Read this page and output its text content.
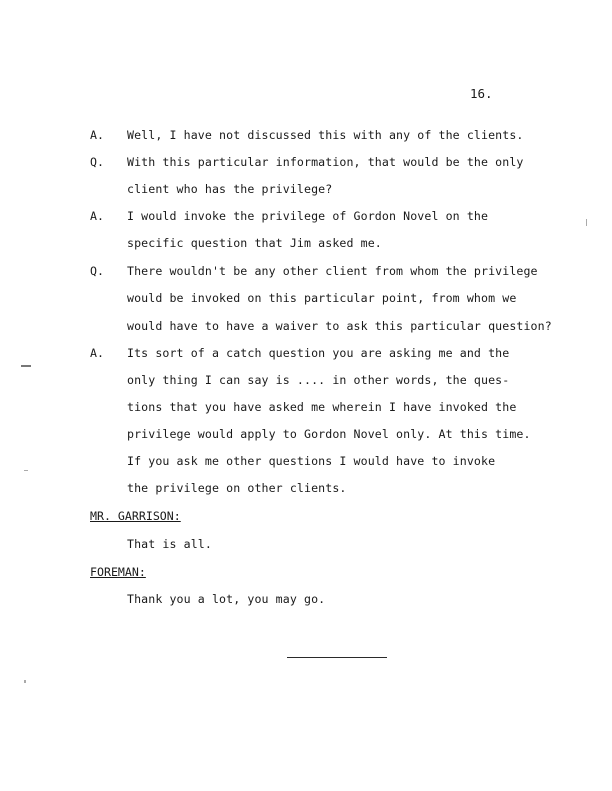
16.
A. Well, I have not discussed this with any of the clients.
Q. With this particular information, that would be the only
client who has the privilege?
A. I would invoke the privilege of Gordon Novel on the
specific question that Jim asked me.
Q. There wouldn't be any other client from whom the privilege
would be invoked on this particular point, from whom we
would have to have a waiver to ask this particular question?
A. Its sort of a catch question you are asking me and the
only thing I can say is .... in other words, the ques-
tions that you have asked me wherein I have invoked the
privilege would apply to Gordon Novel only. At this time.
If you ask me other questions I would have to invoke
the privilege on other clients.
MR. GARRISON:
That is all.
FOREMAN:
Thank you a lot, you may go.
